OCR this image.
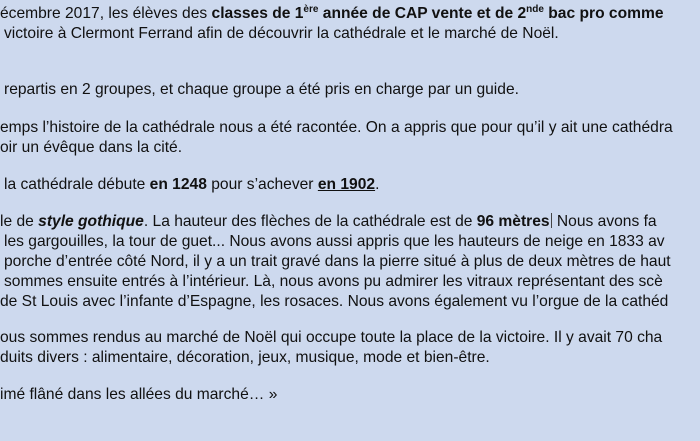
écembre 2017, les élèves des classes de 1ère année de CAP vente et de 2nde bac pro comme
victoire à Clermont Ferrand afin de découvrir la cathédrale et le marché de Noël.

repartis en 2 groupes, et chaque groupe a été pris en charge par un guide.

emps l’histoire de la cathédrale nous a été racontée. On a appris que pour qu’il y ait une cathédra
oir un évêque dans la cité.

la cathédrale débute en 1248 pour s’achever en 1902.

le de style gothique. La hauteur des flèches de la cathédrale est de 96 mètres Nous avons fa
les gargouilles, la tour de guet... Nous avons aussi appris que les hauteurs de neige en 1833 av
porche d’entrée côté Nord, il y a un trait gravé dans la pierre situé à plus de deux mètres de haut
sommes ensuite entrés à l’intérieur. Là, nous avons pu admirer les vitraux représentant des scè
de St Louis avec l’infante d’Espagne, les rosaces. Nous avons également vu l’orgue de la cathéd

ous sommes rendus au marché de Noël qui occupe toute la place de la victoire. Il y avait 70 cha
duits divers : alimentaire, décoration, jeux, musique, mode et bien-être.

imé flâné dans les allées du marché… »
